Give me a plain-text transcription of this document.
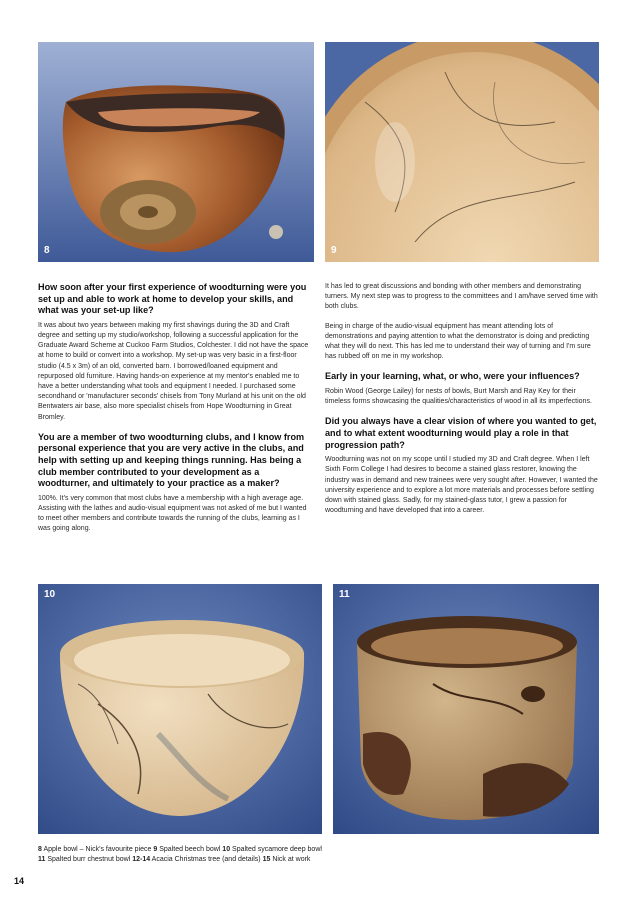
8	9

How soon after your first experience of woodturning were you set up and able to work at home to develop your skills, and what was your set-up like?

It was about two years between making my first shavings during the 3D and Craft degree and setting up my studio/workshop, following a successful application for the Graduate Award Scheme at Cuckoo Farm Studios, Colchester. I did not have the space at home to build or convert into a workshop. My set-up was very basic in a first-floor studio (4.5 x 3m) of an old, converted barn. I borrowed/loaned equipment and repurposed old furniture. Having hands-on experience at my mentor's enabled me to have a better understanding what tools and equipment I needed. I purchased some secondhand or 'manufacturer seconds' chisels from Tony Murland at his unit on the old Bentwaters air base, also more specialist chisels from Hope Woodturning in Great Bromley.

You are a member of two woodturning clubs, and I know from personal experience that you are very active in the clubs, and help with setting up and keeping things running. Has being a club member contributed to your development as a woodturner, and ultimately to your practice as a maker?

100%. It's very common that most clubs have a membership with a high average age. Assisting with the lathes and audio-visual equipment was not asked of me but I wanted to meet other members and contribute towards the running of the clubs, learning as I was going along.

It has led to great discussions and bonding with other members and demonstrating turners. My next step was to progress to the committees and I am/have served time with both clubs.

Being in charge of the audio-visual equipment has meant attending lots of demonstrations and paying attention to what the demonstrator is doing and predicting what they will do next. This has led me to understand their way of turning and I'm sure has rubbed off on me in my workshop.

Early in your learning, what, or who, were your influences?

Robin Wood (George Lailey) for nests of bowls, Burt Marsh and Ray Key for their timeless forms showcasing the qualities/characteristics of wood in all its imperfections.

Did you always have a clear vision of where you wanted to get, and to what extent woodturning would play a role in that progression path?

Woodturning was not on my scope until I studied my 3D and Craft degree. When I left Sixth Form College I had desires to become a stained glass restorer, knowing the industry was in demand and new trainees were very sought after. However, I wanted the university experience and to explore a lot more materials and processes before settling down with stained glass. Sadly, for my stained-glass tutor, I grew a passion for woodturning and have developed that into a career.

10	11
8 Apple bowl – Nick's favourite piece 9 Spalted beech bowl 10 Spalted sycamore deep bowl
11 Spalted burr chestnut bowl 12-14 Acacia Christmas tree (and details) 15 Nick at work
14
